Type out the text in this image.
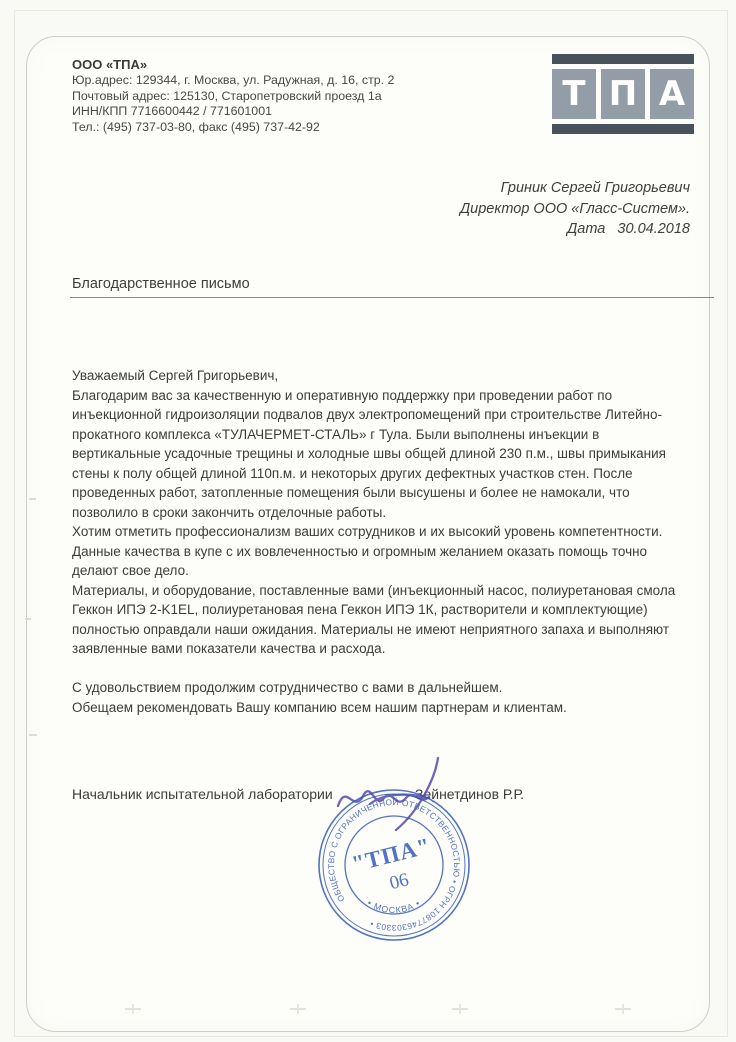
ООО «ТПА»
Юр.адрес: 129344, г. Москва, ул. Радужная, д. 16, стр. 2
Почтовый адрес: 125130, Старопетровский проезд 1а
ИНН/КПП 7716600442 / 771601001
Тел.: (495) 737-03-80, факс (495) 737-42-92
Т П А
Гриник Сергей Григорьевич
Директор ООО «Гласс-Систем».
Дата   30.04.2018
Благодарственное письмо
Уважаемый Сергей Григорьевич,
Благодарим вас за качественную и оперативную поддержку при проведении работ по
инъекционной гидроизоляции подвалов двух электропомещений при строительстве Литейно-
прокатного комплекса «ТУЛАЧЕРМЕТ-СТАЛЬ» г Тула. Были выполнены инъекции в
вертикальные усадочные трещины и холодные швы общей длиной 230 п.м., швы примыкания
стены к полу общей длиной 110п.м. и некоторых других дефектных участков стен. После
проведенных работ, затопленные помещения были высушены и более не намокали, что
позволило в сроки закончить отделочные работы.
Хотим отметить профессионализм ваших сотрудников и их высокий уровень компетентности.
Данные качества в купе с их вовлеченностью и огромным желанием оказать помощь точно
делают свое дело.
Материалы, и оборудование, поставленные вами (инъекционный насос, полиуретановая смола
Геккон ИПЭ 2-K1EL, полиуретановая пена Геккон ИПЭ 1К, растворители и комплектующие)
полностью оправдали наши ожидания. Материалы не имеют неприятного запаха и выполняют
заявленные вами показатели качества и расхода.

С удовольствием продолжим сотрудничество с вами в дальнейшем.
Обещаем рекомендовать Вашу компанию всем нашим партнерам и клиентам.
Начальник испытательной лаборатории	Зейнетдинов Р.Р.
ОБЩЕСТВО С ОГРАНИЧЕННОЙ ОТВЕТСТВЕННОСТЬЮ • ОГРН 1087746303303 •
• МОСКВА •
"ТПА"
06
